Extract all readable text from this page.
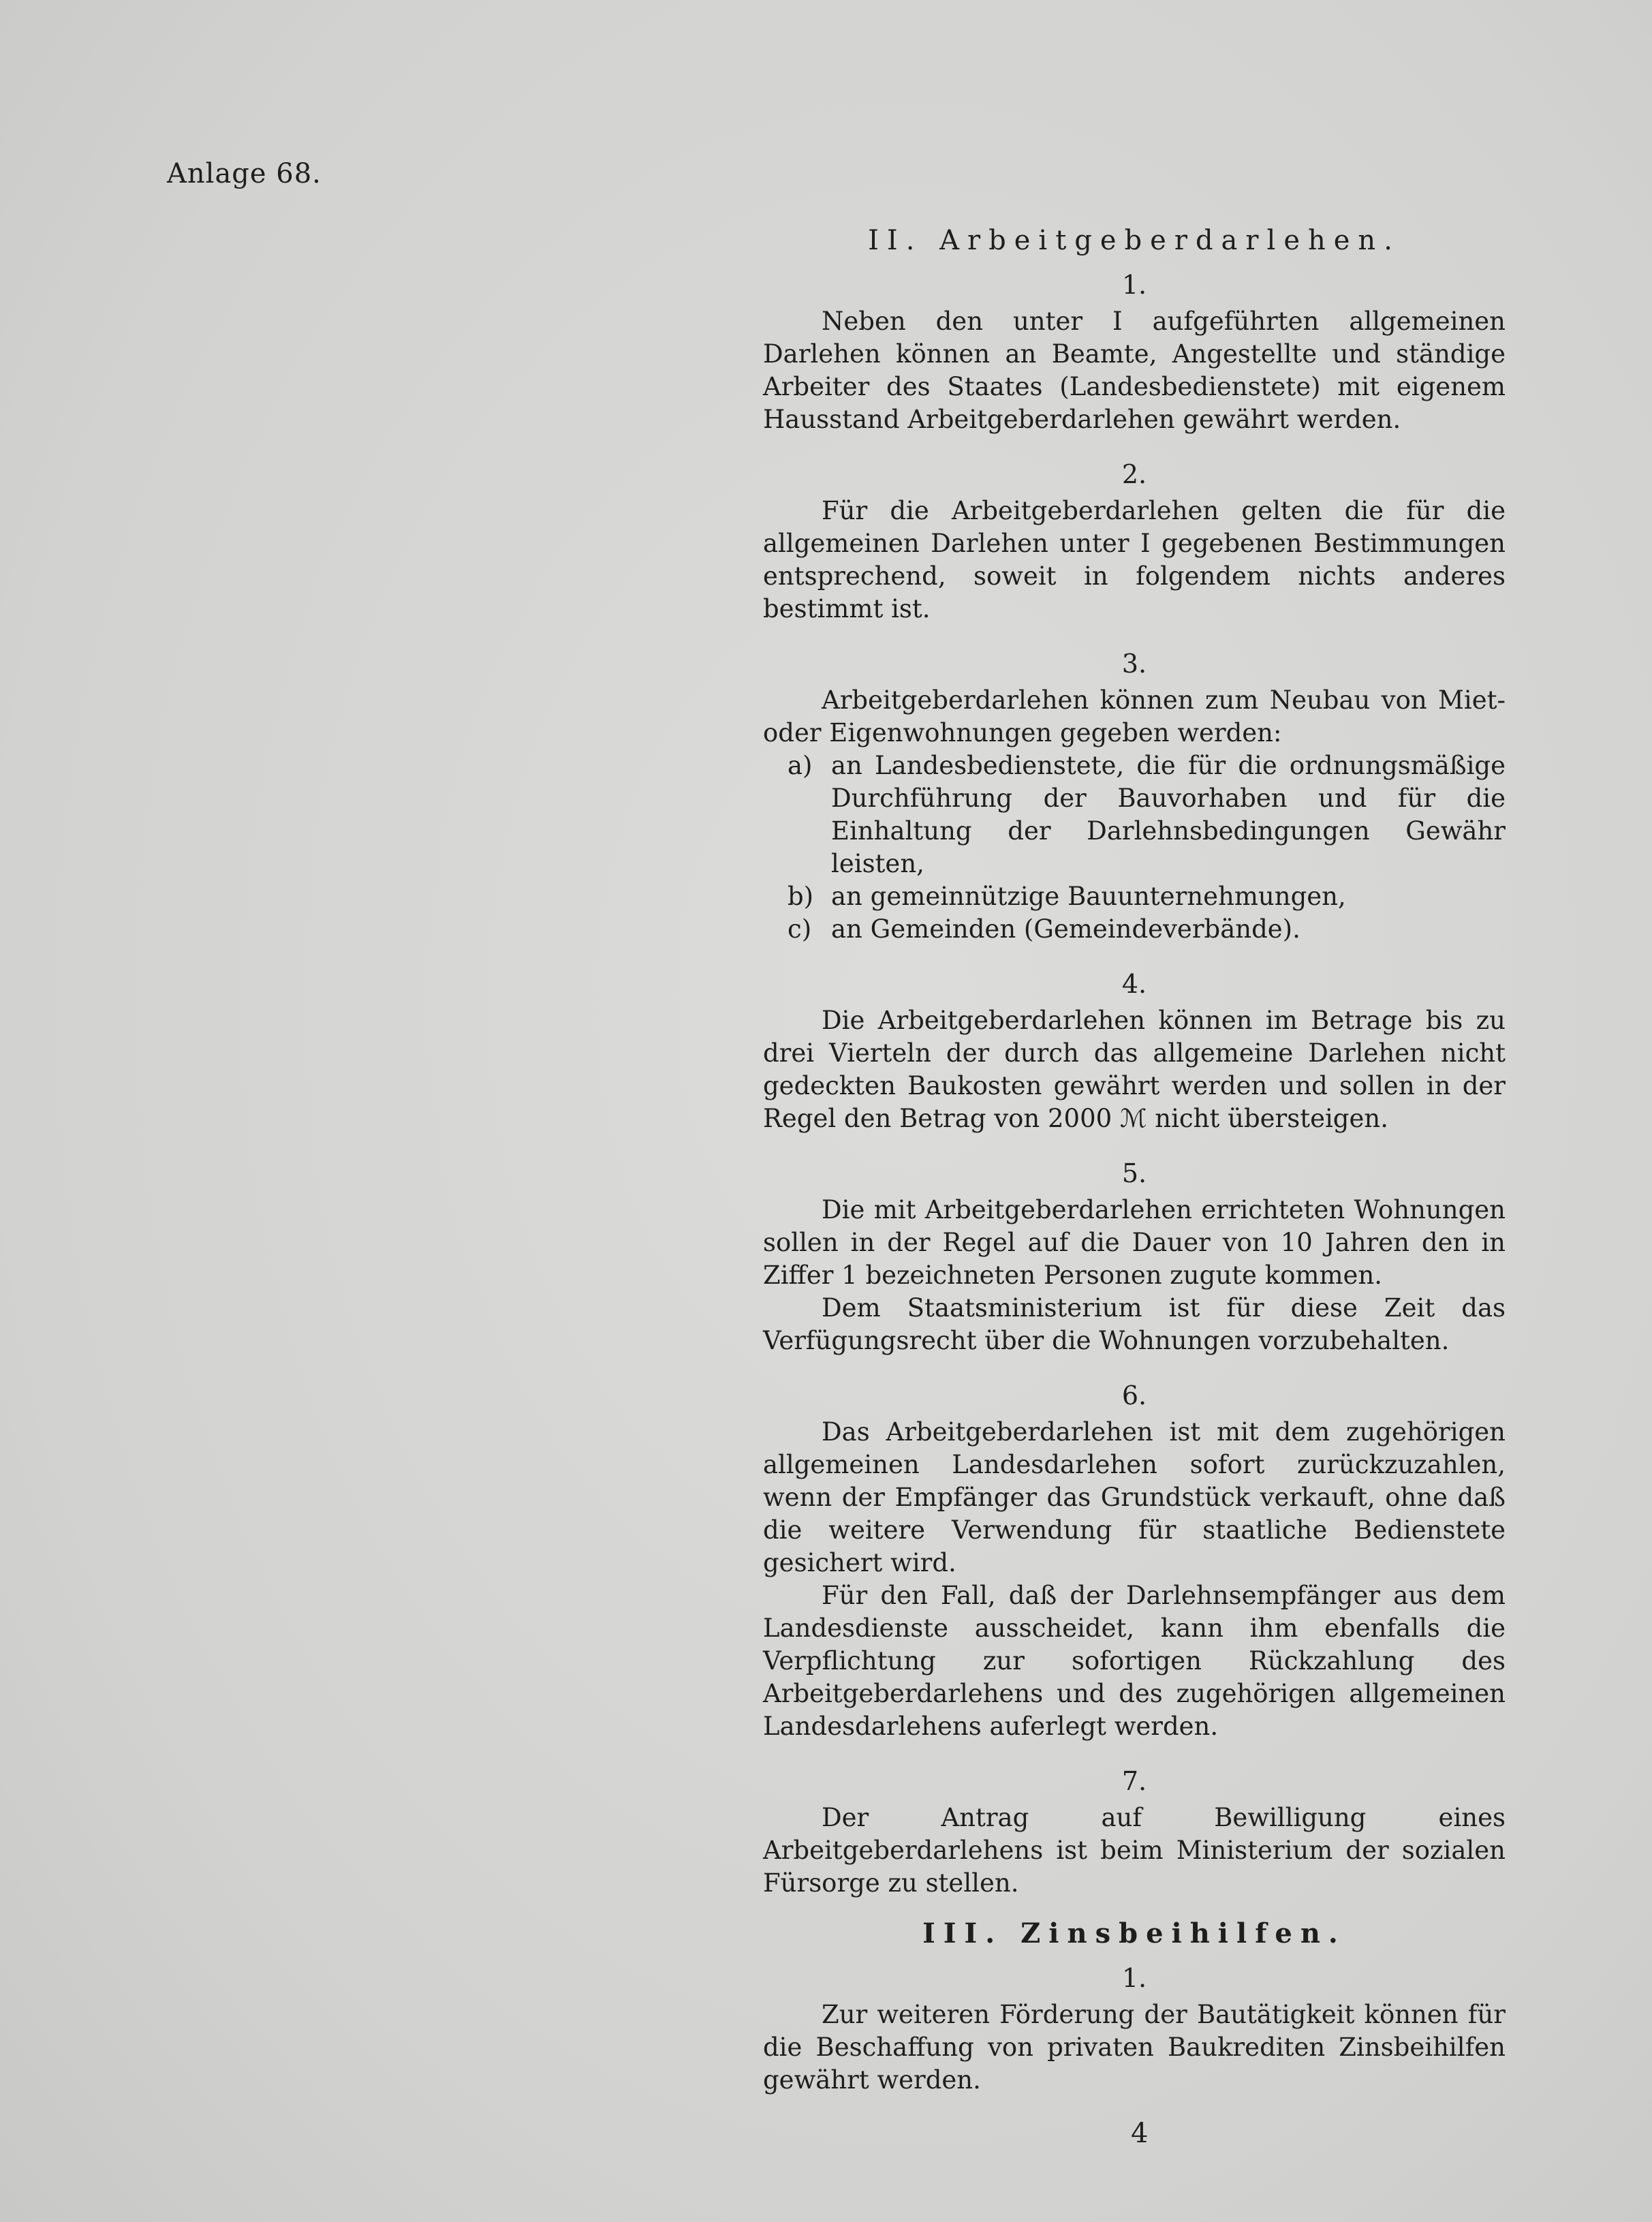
Anlage 68.
II. Arbeitgeberdarlehen.
1.

Neben den unter I aufgeführten allgemeinen Darlehen können an Beamte, Angestellte und ständige Arbeiter des Staates (Landesbedienstete) mit eigenem Hausstand Arbeitgeberdarlehen gewährt werden.

2.

Für die Arbeitgeberdarlehen gelten die für die allgemeinen Darlehen unter I gegebenen Bestimmungen entsprechend, soweit in folgendem nichts anderes bestimmt ist.

3.

Arbeitgeberdarlehen können zum Neubau von Miet- oder Eigenwohnungen gegeben werden:

a) an Landesbedienstete, die für die ordnungsmäßige Durchführung der Bauvorhaben und für die Einhaltung der Darlehnsbedingungen Gewähr leisten,
b) an gemeinnützige Bauunternehmungen,
c) an Gemeinden (Gemeindeverbände).
4.

Die Arbeitgeberdarlehen können im Betrage bis zu drei Vierteln der durch das allgemeine Darlehen nicht gedeckten Baukosten gewährt werden und sollen in der Regel den Betrag von 2000 ℳ nicht übersteigen.

5.

Die mit Arbeitgeberdarlehen errichteten Wohnungen sollen in der Regel auf die Dauer von 10 Jahren den in Ziffer 1 bezeichneten Personen zugute kommen.

Dem Staatsministerium ist für diese Zeit das Verfügungsrecht über die Wohnungen vorzubehalten.

6.

Das Arbeitgeberdarlehen ist mit dem zugehörigen allgemeinen Landesdarlehen sofort zurückzuzahlen, wenn der Empfänger das Grundstück verkauft, ohne daß die weitere Verwendung für staatliche Bedienstete gesichert wird.

Für den Fall, daß der Darlehnsempfänger aus dem Landesdienste ausscheidet, kann ihm ebenfalls die Verpflichtung zur sofortigen Rückzahlung des Arbeitgeberdarlehens und des zugehörigen allgemeinen Landesdarlehens auferlegt werden.

7.

Der Antrag auf Bewilligung eines Arbeitgeberdarlehens ist beim Ministerium der sozialen Fürsorge zu stellen.

III. Zinsbeihilfen.
1.

Zur weiteren Förderung der Bautätigkeit können für die Beschaffung von privaten Baukrediten Zinsbeihilfen gewährt werden.

4
